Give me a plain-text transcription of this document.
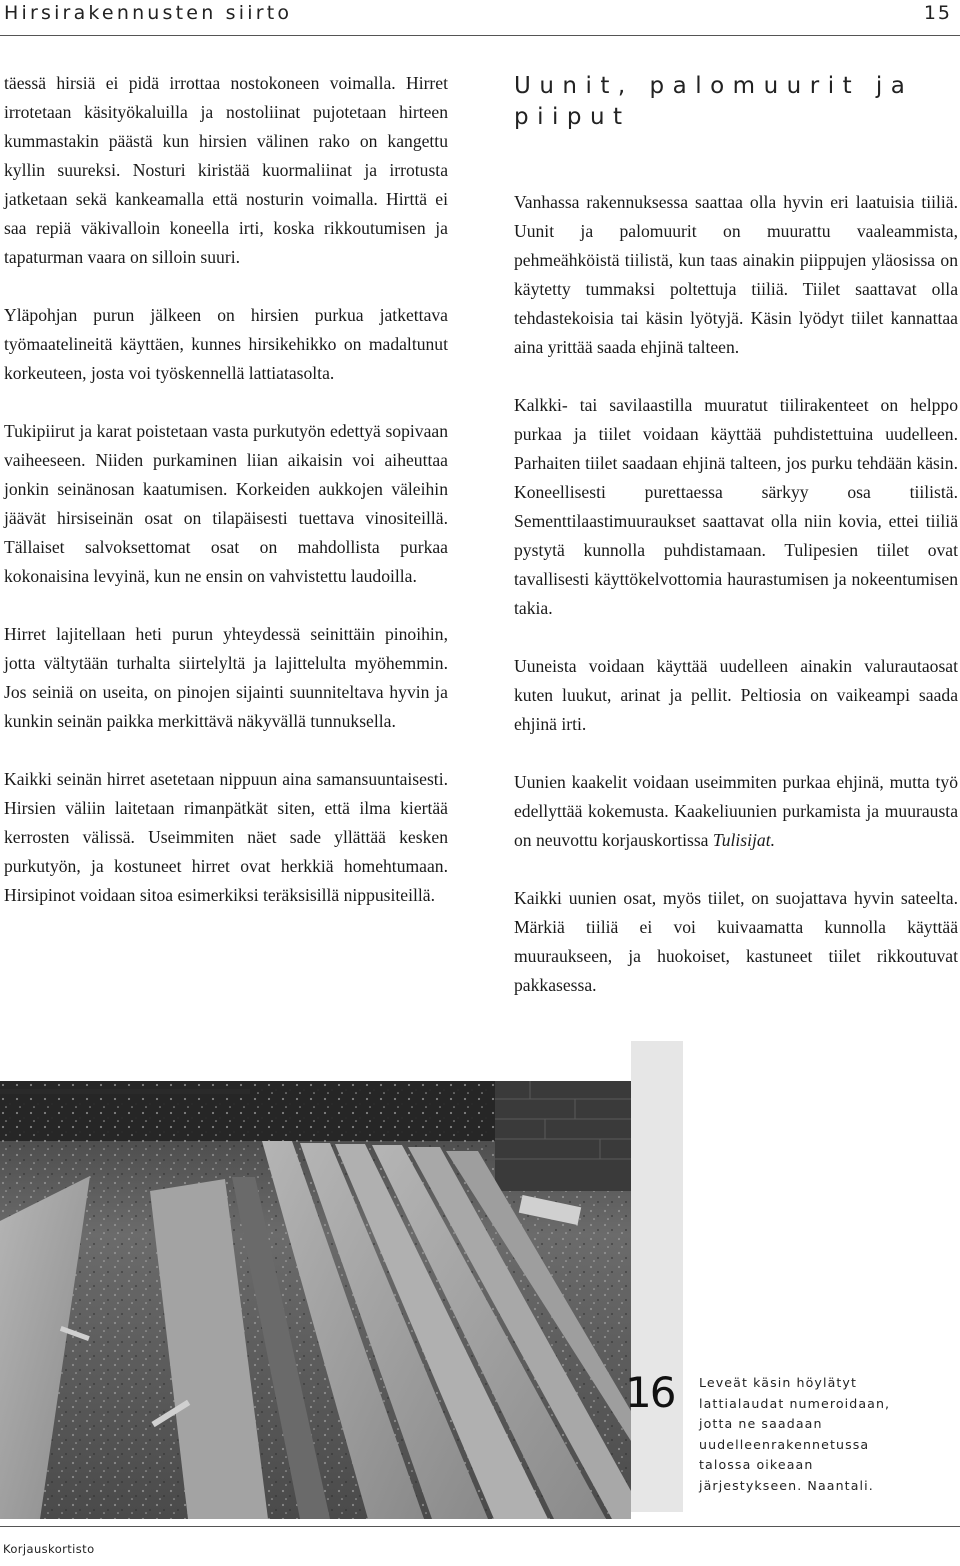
Hirsirakennusten siirto	15

täessä hirsiä ei pidä irrottaa nostokoneen voimalla. Hirret irrotetaan käsityökaluilla ja nostoliinat pujotetaan hirteen kummastakin päästä kun hirsien välinen rako on kangettu kyllin suureksi. Nosturi kiristää kuormaliinat ja irrotusta jatketaan sekä kankeamalla että nosturin voimalla. Hirttä ei saa repiä väkivalloin koneella irti, koska rikkoutumisen ja tapaturman vaara on silloin suuri.

Yläpohjan purun jälkeen on hirsien purkua jatkettava työmaatelineitä käyttäen, kunnes hirsikehikko on madaltunut korkeuteen, josta voi työskennellä lattiatasolta.

Tukipiirut ja karat poistetaan vasta purkutyön edettyä sopivaan vaiheeseen. Niiden purkaminen liian aikaisin voi aiheuttaa jonkin seinänosan kaatumisen. Korkeiden aukkojen väleihin jäävät hirsiseinän osat on tilapäisesti tuettava vinositeillä. Tällaiset salvoksettomat osat on mahdollista purkaa kokonaisina levyinä, kun ne ensin on vahvistettu laudoilla.

Hirret lajitellaan heti purun yhteydessä seinittäin pinoihin, jotta vältytään turhalta siirtelyltä ja lajittelulta myöhemmin. Jos seiniä on useita, on pinojen sijainti suunniteltava hyvin ja kunkin seinän paikka merkittävä näkyvällä tunnuksella.

Kaikki seinän hirret asetetaan nippuun aina samansuuntaisesti. Hirsien väliin laitetaan rimanpätkät siten, että ilma kiertää kerrosten välissä. Useimmiten näet sade yllättää kesken purkutyön, ja kostuneet hirret ovat herkkiä homehtumaan. Hirsipinot voidaan sitoa esimerkiksi teräksisillä nippusiteillä.

Uunit, palomuurit ja piiput

Vanhassa rakennuksessa saattaa olla hyvin eri laatuisia tiiliä. Uunit ja palomuurit on muurattu vaaleammista, pehmeähköistä tiilistä, kun taas ainakin piippujen yläosissa on käytetty tummaksi poltettuja tiiliä. Tiilet saattavat olla tehdastekoisia tai käsin lyötyjä. Käsin lyödyt tiilet kannattaa aina yrittää saada ehjinä talteen.

Kalkki- tai savilaastilla muuratut tiilirakenteet on helppo purkaa ja tiilet voidaan käyttää puhdistettuina uudelleen. Parhaiten tiilet saadaan ehjinä talteen, jos purku tehdään käsin. Koneellisesti purettaessa särkyy osa tiilistä. Sementtilaastimuuraukset saattavat olla niin kovia, ettei tiiliä pystytä kunnolla puhdistamaan. Tulipesien tiilet ovat tavallisesti käyttökelvottomia haurastumisen ja nokeentumisen takia.

Uuneista voidaan käyttää uudelleen ainakin valurautaosat kuten luukut, arinat ja pellit. Peltiosia on vaikeampi saada ehjinä irti.

Uunien kaakelit voidaan useimmiten purkaa ehjinä, mutta työ edellyttää kokemusta. Kaakeliuunien purkamista ja muurausta on neuvottu korjauskortissa Tulisijat.

Kaikki uunien osat, myös tiilet, on suojattava hyvin sateelta. Märkiä tiiliä ei voi kuivaamatta kunnolla käyttää muuraukseen, ja huokoiset, kastuneet tiilet rikkoutuvat pakkasessa.

16 Leveät käsin höylätyt lattialaudat numeroidaan, jotta ne saadaan uudelleenrakennetussa talossa oikeaan järjestykseen. Naantali.
Korjauskortisto
